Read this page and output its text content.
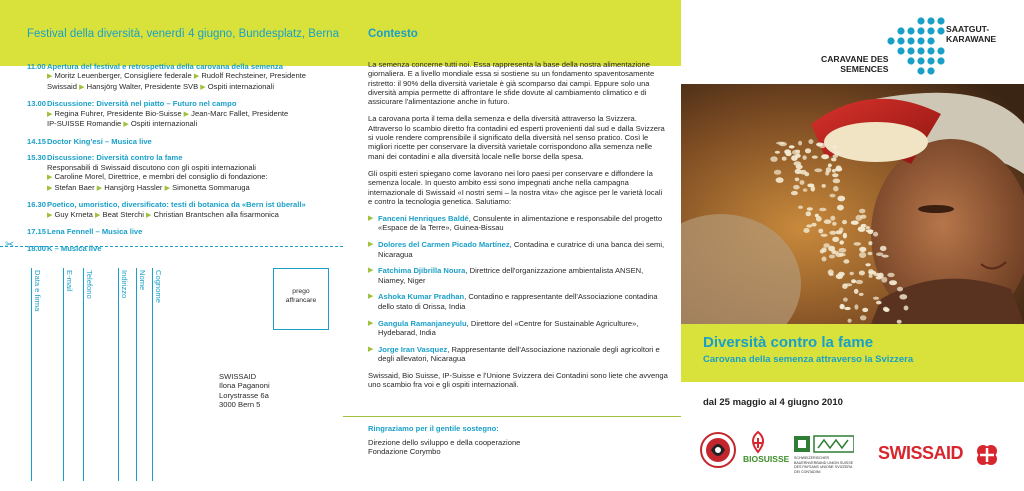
Festival della diversità, venerdì 4 giugno, Bundesplatz, Berna
11.00 Apertura del festival e retrospettiva della carovana della semenza
▶ Moritz Leuenberger, Consigliere federale ▶ Rudolf Rechsteiner, Presidente
Swissaid ▶ Hansjörg Walter, Presidente SVB ▶ Ospiti internazionali
13.00 Discussione: Diversità nel piatto – Futuro nel campo
▶ Regina Fuhrer, Presidente Bio-Suisse ▶ Jean-Marc Fallet, Presidente
IP-SUISSE Romandie ▶ Ospiti internazionali
14.15 Doctor King'esi – Musica live
15.30 Discussione: Diversità contro la fame
Responsabili di Swissaid discutono con gli ospiti internazionali
▶ Caroline Morel, Direttrice, e membri del consiglio di fondazione:
▶ Stefan Baer ▶ Hansjörg Hassler ▶ Simonetta Sommaruga
16.30 Poetico, umoristico, diversificato: testi di botanica da «Bern ist überall»
▶ Guy Krneta ▶ Beat Sterchi ▶ Christian Brantschen alla fisarmonica
17.15 Lena Fennell – Musica live
18.00 K – Musica live
✂
Data e firma	E-mail Telefono	Indirizzo Nome Cognome	prego
affrancare
SWISSAID
Ilona Paganoni
Lorystrasse 6a
3000 Bern 5
Contesto

La semenza concerne tutti noi. Essa rappresenta la base della nostra alimentazione giornaliera. E a livello mondiale essa si sostiene su un fondamento spaventosamente ristretto: il 90% della diversità varietale è già scomparso dai campi. Eppure solo una diversità ampia permette di affrontare le sfide dovute al cambiamento climatico e di assicurare l'alimentazione anche in futuro.

La carovana porta il tema della semenza e della diversità attraverso la Svizzera. Attraverso lo scambio diretto fra contadini ed esperti provenienti dal sud e dalla Svizzera si vuole rendere comprensibile il significato della diversità nel senso pratico. Così le migliori ricette per conservare la diversità varietale corrispondono alla semenza nelle mani dei contadini e alla diversità locale nelle borse della spesa.

Gli ospiti esteri spiegano come lavorano nei loro paesi per conservare e diffondere la semenza locale. In questo ambito essi sono impegnati anche nella campagna internazionale di Swissaid «I nostri semi – la nostra vita» che agisce per le varietà locali e contro la tecnologia genetica. Salutiamo:

▶ Fanceni Henriques Baldé, Consulente in alimentazione e responsabile del progetto «Espace de la Terre», Guinea-Bissau
▶ Dolores del Carmen Picado Martínez, Contadina e curatrice di una banca dei semi, Nicaragua
▶ Fatchima Djibrilla Noura, Direttrice dell'organizzazione ambientalista ANSEN, Niamey, Niger
▶ Ashoka Kumar Pradhan, Contadino e rappresentante dell'Associazione contadina dello stato di Orissa, India
▶ Gangula Ramanjaneyulu, Direttore del «Centre for Sustainable Agriculture», Hydebarad, India
▶ Jorge Iran Vasquez, Rappresentante dell'Associazione nazionale degli agricoltori e degli allevatori, Nicaragua

Swissaid, Bio Suisse, IP-Suisse e l'Unione Svizzera dei Contadini sono liete che avvenga uno scambio fra voi e gli ospiti internazionali.

Ringraziamo per il gentile sostegno:
Direzione dello sviluppo e della cooperazione
Fondazione Corymbo
SAATGUT-
KARAWANE
CARAVANE DES
SEMENCES
Diversità contro la fame
Carovana della semenza attraverso la Svizzera
dal 25 maggio al 4 giugno 2010
BIOSUISSE SCHWEIZERISCHER BAUERNVERBAND UNION SUISSE DES PAYSANS UNIONE SVIZZERA DEI CONTADINI
SWISSAID
